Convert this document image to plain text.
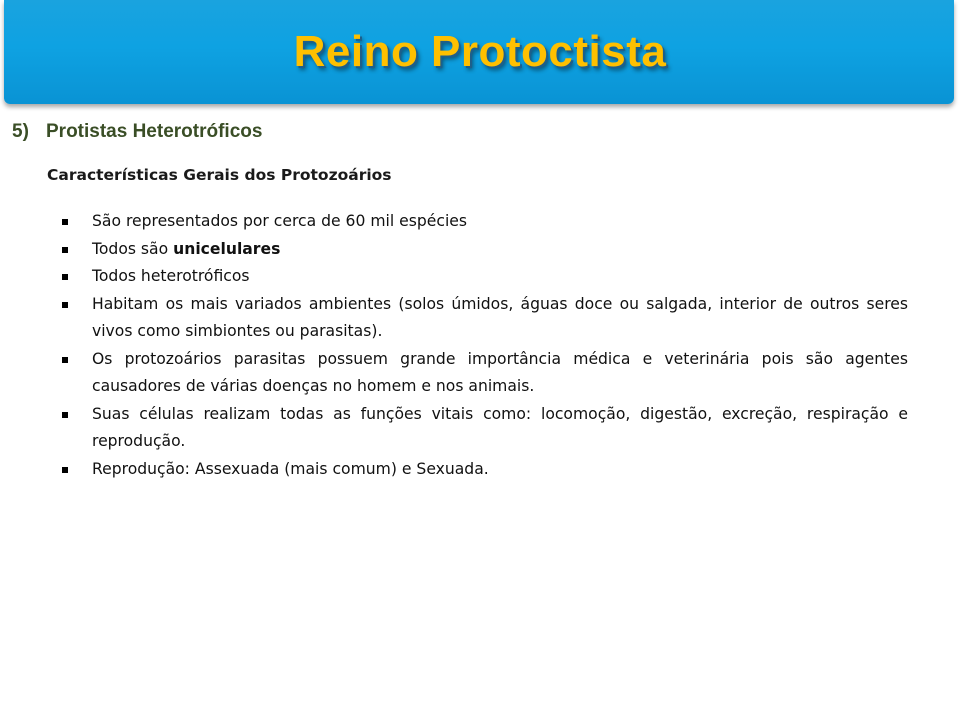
Reino Protoctista
5) Protistas Heterotróficos
Características Gerais dos Protozoários
São representados por cerca de 60 mil espécies
Todos são unicelulares
Todos heterotróficos
Habitam os mais variados ambientes (solos úmidos, águas doce ou salgada, interior de outros seres vivos como simbiontes ou parasitas).
Os protozoários parasitas possuem grande importância médica e veterinária pois são agentes causadores de várias doenças no homem e nos animais.
Suas células realizam todas as funções vitais como: locomoção, digestão, excreção, respiração e reprodução.
Reprodução: Assexuada (mais comum) e Sexuada.
